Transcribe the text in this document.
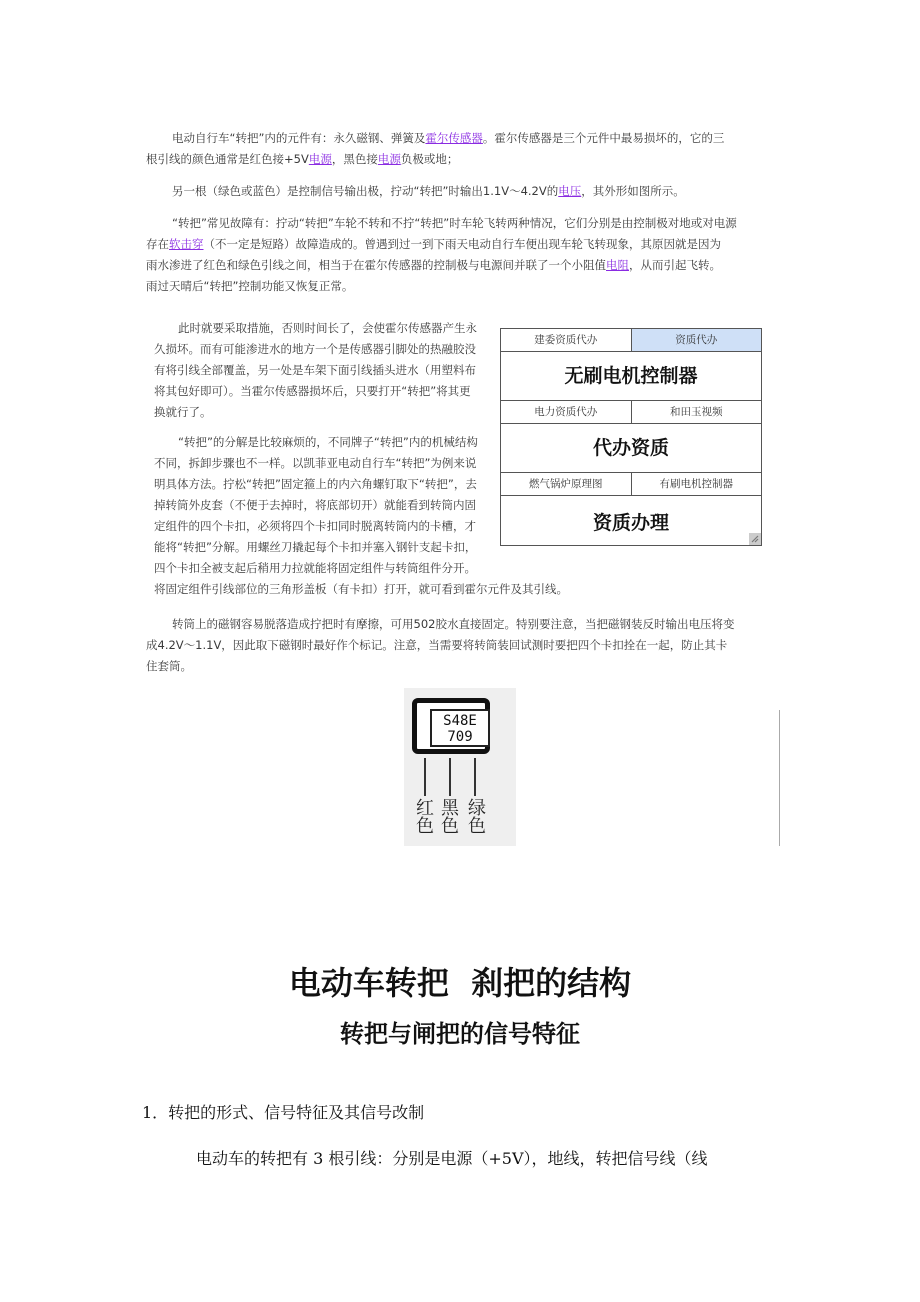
电动自行车“转把”内的元件有：永久磁钢、弹簧及霍尔传感器。霍尔传感器是三个元件中最易损坏的，它的三

根引线的颜色通常是红色接+5V电源，黑色接电源负极或地；

另一根（绿色或蓝色）是控制信号输出极，拧动“转把”时输出1.1V～4.2V的电压，其外形如图所示。

“转把”常见故障有：拧动“转把”车轮不转和不拧“转把”时车轮飞转两种情况，它们分别是由控制极对地或对电源

存在软击穿（不一定是短路）故障造成的。曾遇到过一到下雨天电动自行车便出现车轮飞转现象，其原因就是因为

雨水渗进了红色和绿色引线之间，相当于在霍尔传感器的控制极与电源间并联了一个小阻值电阻，从而引起飞转。

雨过天晴后“转把”控制功能又恢复正常。

此时就要采取措施，否则时间长了，会使霍尔传感器产生永

久损坏。而有可能渗进水的地方一个是传感器引脚处的热融胶没

有将引线全部覆盖，另一处是车架下面引线插头进水（用塑料布

将其包好即可）。当霍尔传感器损坏后，只要打开“转把”将其更

换就行了。

“转把”的分解是比较麻烦的，不同牌子“转把”内的机械结构

不同，拆卸步骤也不一样。以凯菲亚电动自行车“转把”为例来说

明具体方法。拧松“转把”固定箍上的内六角螺钉取下“转把”，去

掉转筒外皮套（不便于去掉时，将底部切开）就能看到转筒内固

定组件的四个卡扣，必须将四个卡扣同时脱离转筒内的卡槽，才

能将“转把”分解。用螺丝刀撬起每个卡扣并塞入钢针支起卡扣，

四个卡扣全被支起后稍用力拉就能将固定组件与转筒组件分开。

将固定组件引线部位的三角形盖板（有卡扣）打开，就可看到霍尔元件及其引线。

建委资质代办	资质代办
无刷电机控制器
电力资质代办	和田玉视频
代办资质
燃气锅炉原理图	有刷电机控制器
资质办理

转筒上的磁钢容易脱落造成拧把时有摩擦，可用502胶水直接固定。特别要注意，当把磁钢装反时输出电压将变

成4.2V～1.1V，因此取下磁钢时最好作个标记。注意，当需要将转筒装回试测时要把四个卡扣拴在一起，防止其卡

住套筒。

S48E
709
红
色
黑
色
绿
色
电动车转把  刹把的结构
转把与闸把的信号特征

1．转把的形式、信号特征及其信号改制

电动车的转把有 3 根引线：分别是电源（+5V），地线，转把信号线（线
